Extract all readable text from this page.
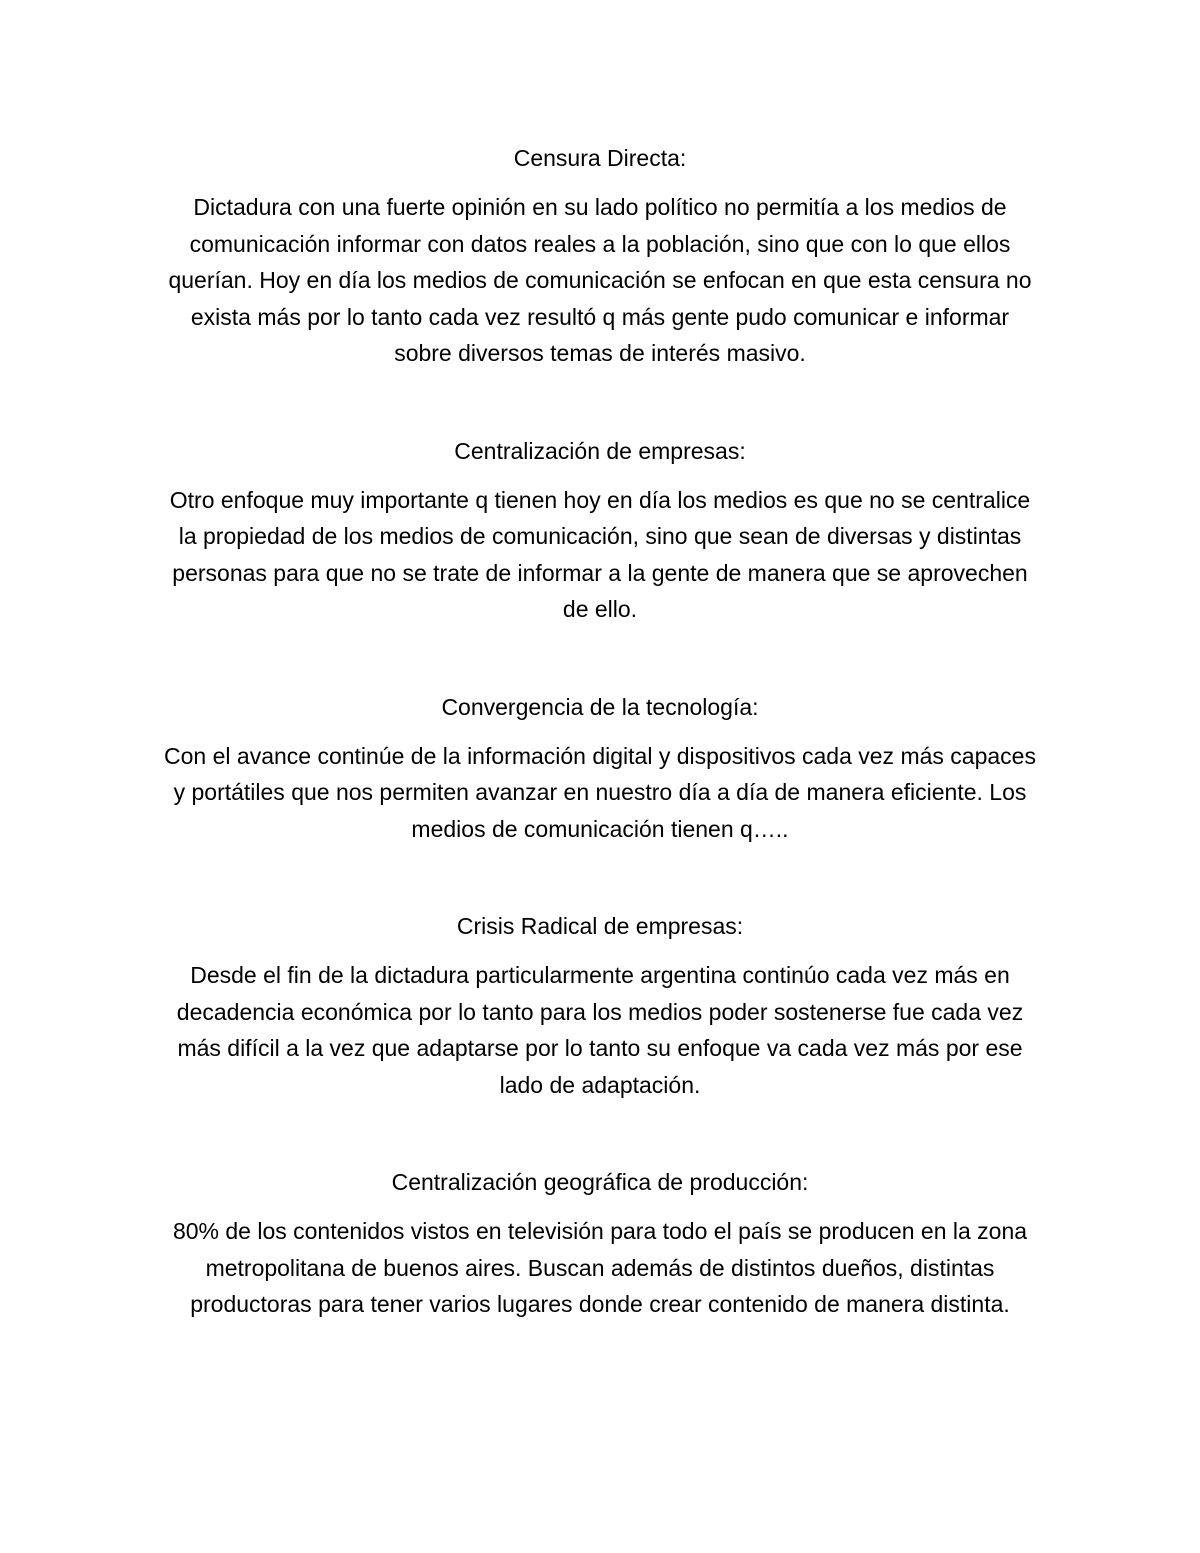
Censura Directa:

Dictadura con una fuerte opinión en su lado político no permitía a los medios de comunicación informar con datos reales a la población, sino que con lo que ellos querían. Hoy en día los medios de comunicación se enfocan en que esta censura no exista más por lo tanto cada vez resultó q más gente pudo comunicar e informar sobre diversos temas de interés masivo.

Centralización de empresas:

Otro enfoque muy importante q tienen hoy en día los medios es que no se centralice la propiedad de los medios de comunicación, sino que sean de diversas y distintas personas para que no se trate de informar a la gente de manera que se aprovechen de ello.

Convergencia de la tecnología:

Con el avance continúe de la información digital y dispositivos cada vez más capaces y portátiles que nos permiten avanzar en nuestro día a día de manera eficiente. Los medios de comunicación tienen q…..

Crisis Radical de empresas:

Desde el fin de la dictadura particularmente argentina continúo cada vez más en decadencia económica por lo tanto para los medios poder sostenerse fue cada vez más difícil a la vez que adaptarse por lo tanto su enfoque va cada vez más por ese lado de adaptación.

Centralización geográfica de producción:

80% de los contenidos vistos en televisión para todo el país se producen en la zona metropolitana de buenos aires. Buscan además de distintos dueños, distintas productoras para tener varios lugares donde crear contenido de manera distinta.
